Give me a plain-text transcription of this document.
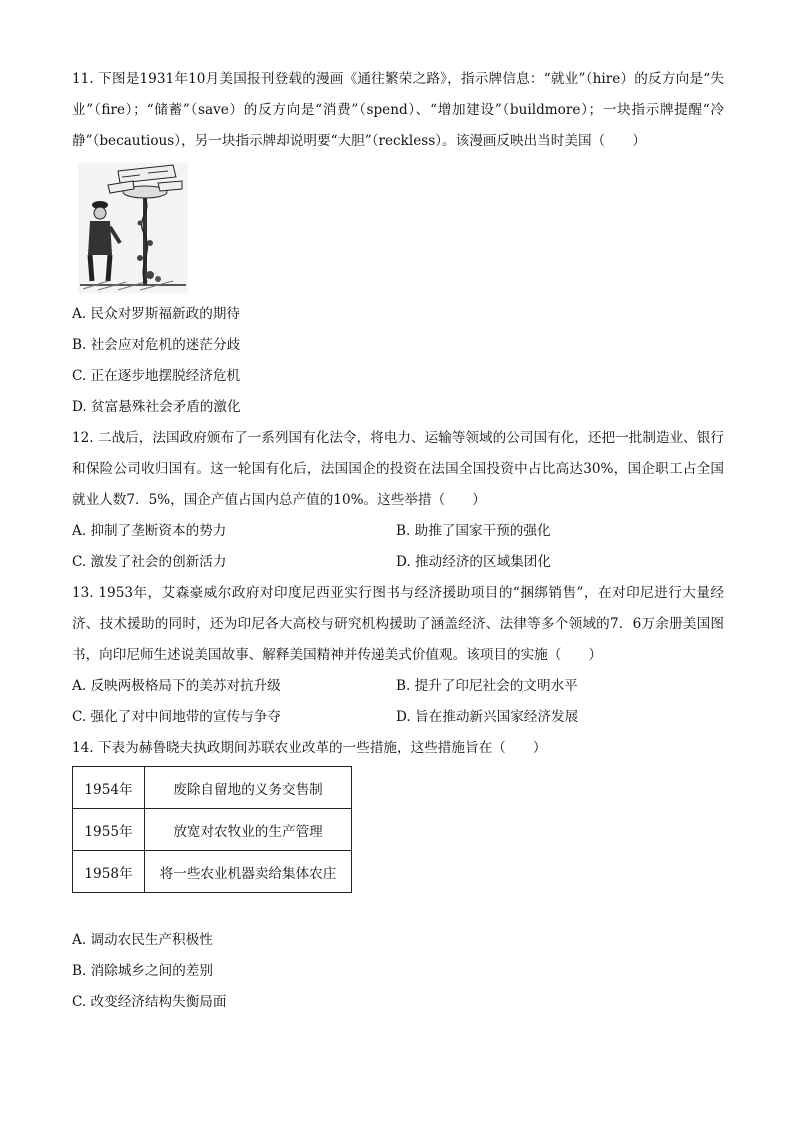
11. 下图是1931年10月美国报刊登载的漫画《通往繁荣之路》，指示牌信息：“就业”（hire）的反方向是“失业”（fire）；“储蓄”（save）的反方向是“消费”（spend）、“增加建设”（buildmore）；一块指示牌提醒“冷静”（becautious），另一块指示牌却说明要“大胆”（reckless）。该漫画反映出当时美国（　　）
A. 民众对罗斯福新政的期待
B. 社会应对危机的迷茫分歧
C. 正在逐步地摆脱经济危机
D. 贫富悬殊社会矛盾的激化
12. 二战后，法国政府颁布了一系列国有化法令，将电力、运输等领域的公司国有化，还把一批制造业、银行和保险公司收归国有。这一轮国有化后，法国国企的投资在法国全国投资中占比高达30%，国企职工占全国就业人数7．5%，国企产值占国内总产值的10%。这些举措（　　）
A. 抑制了垄断资本的势力	B. 助推了国家干预的强化
C. 激发了社会的创新活力	D. 推动经济的区域集团化
13. 1953年，艾森豪威尔政府对印度尼西亚实行图书与经济援助项目的“捆绑销售”，在对印尼进行大量经济、技术援助的同时，还为印尼各大高校与研究机构援助了涵盖经济、法律等多个领域的7．6万余册美国图书，向印尼师生述说美国故事、解释美国精神并传递美式价值观。该项目的实施（　　）
A. 反映两极格局下的美苏对抗升级	B. 提升了印尼社会的文明水平
C. 强化了对中间地带的宣传与争夺	D. 旨在推动新兴国家经济发展
14. 下表为赫鲁晓夫执政期间苏联农业改革的一些措施，这些措施旨在（　　）
1954年	废除自留地的义务交售制
1955年	放宽对农牧业的生产管理
1958年	将一些农业机器卖给集体农庄
A. 调动农民生产积极性
B. 消除城乡之间的差别
C. 改变经济结构失衡局面
